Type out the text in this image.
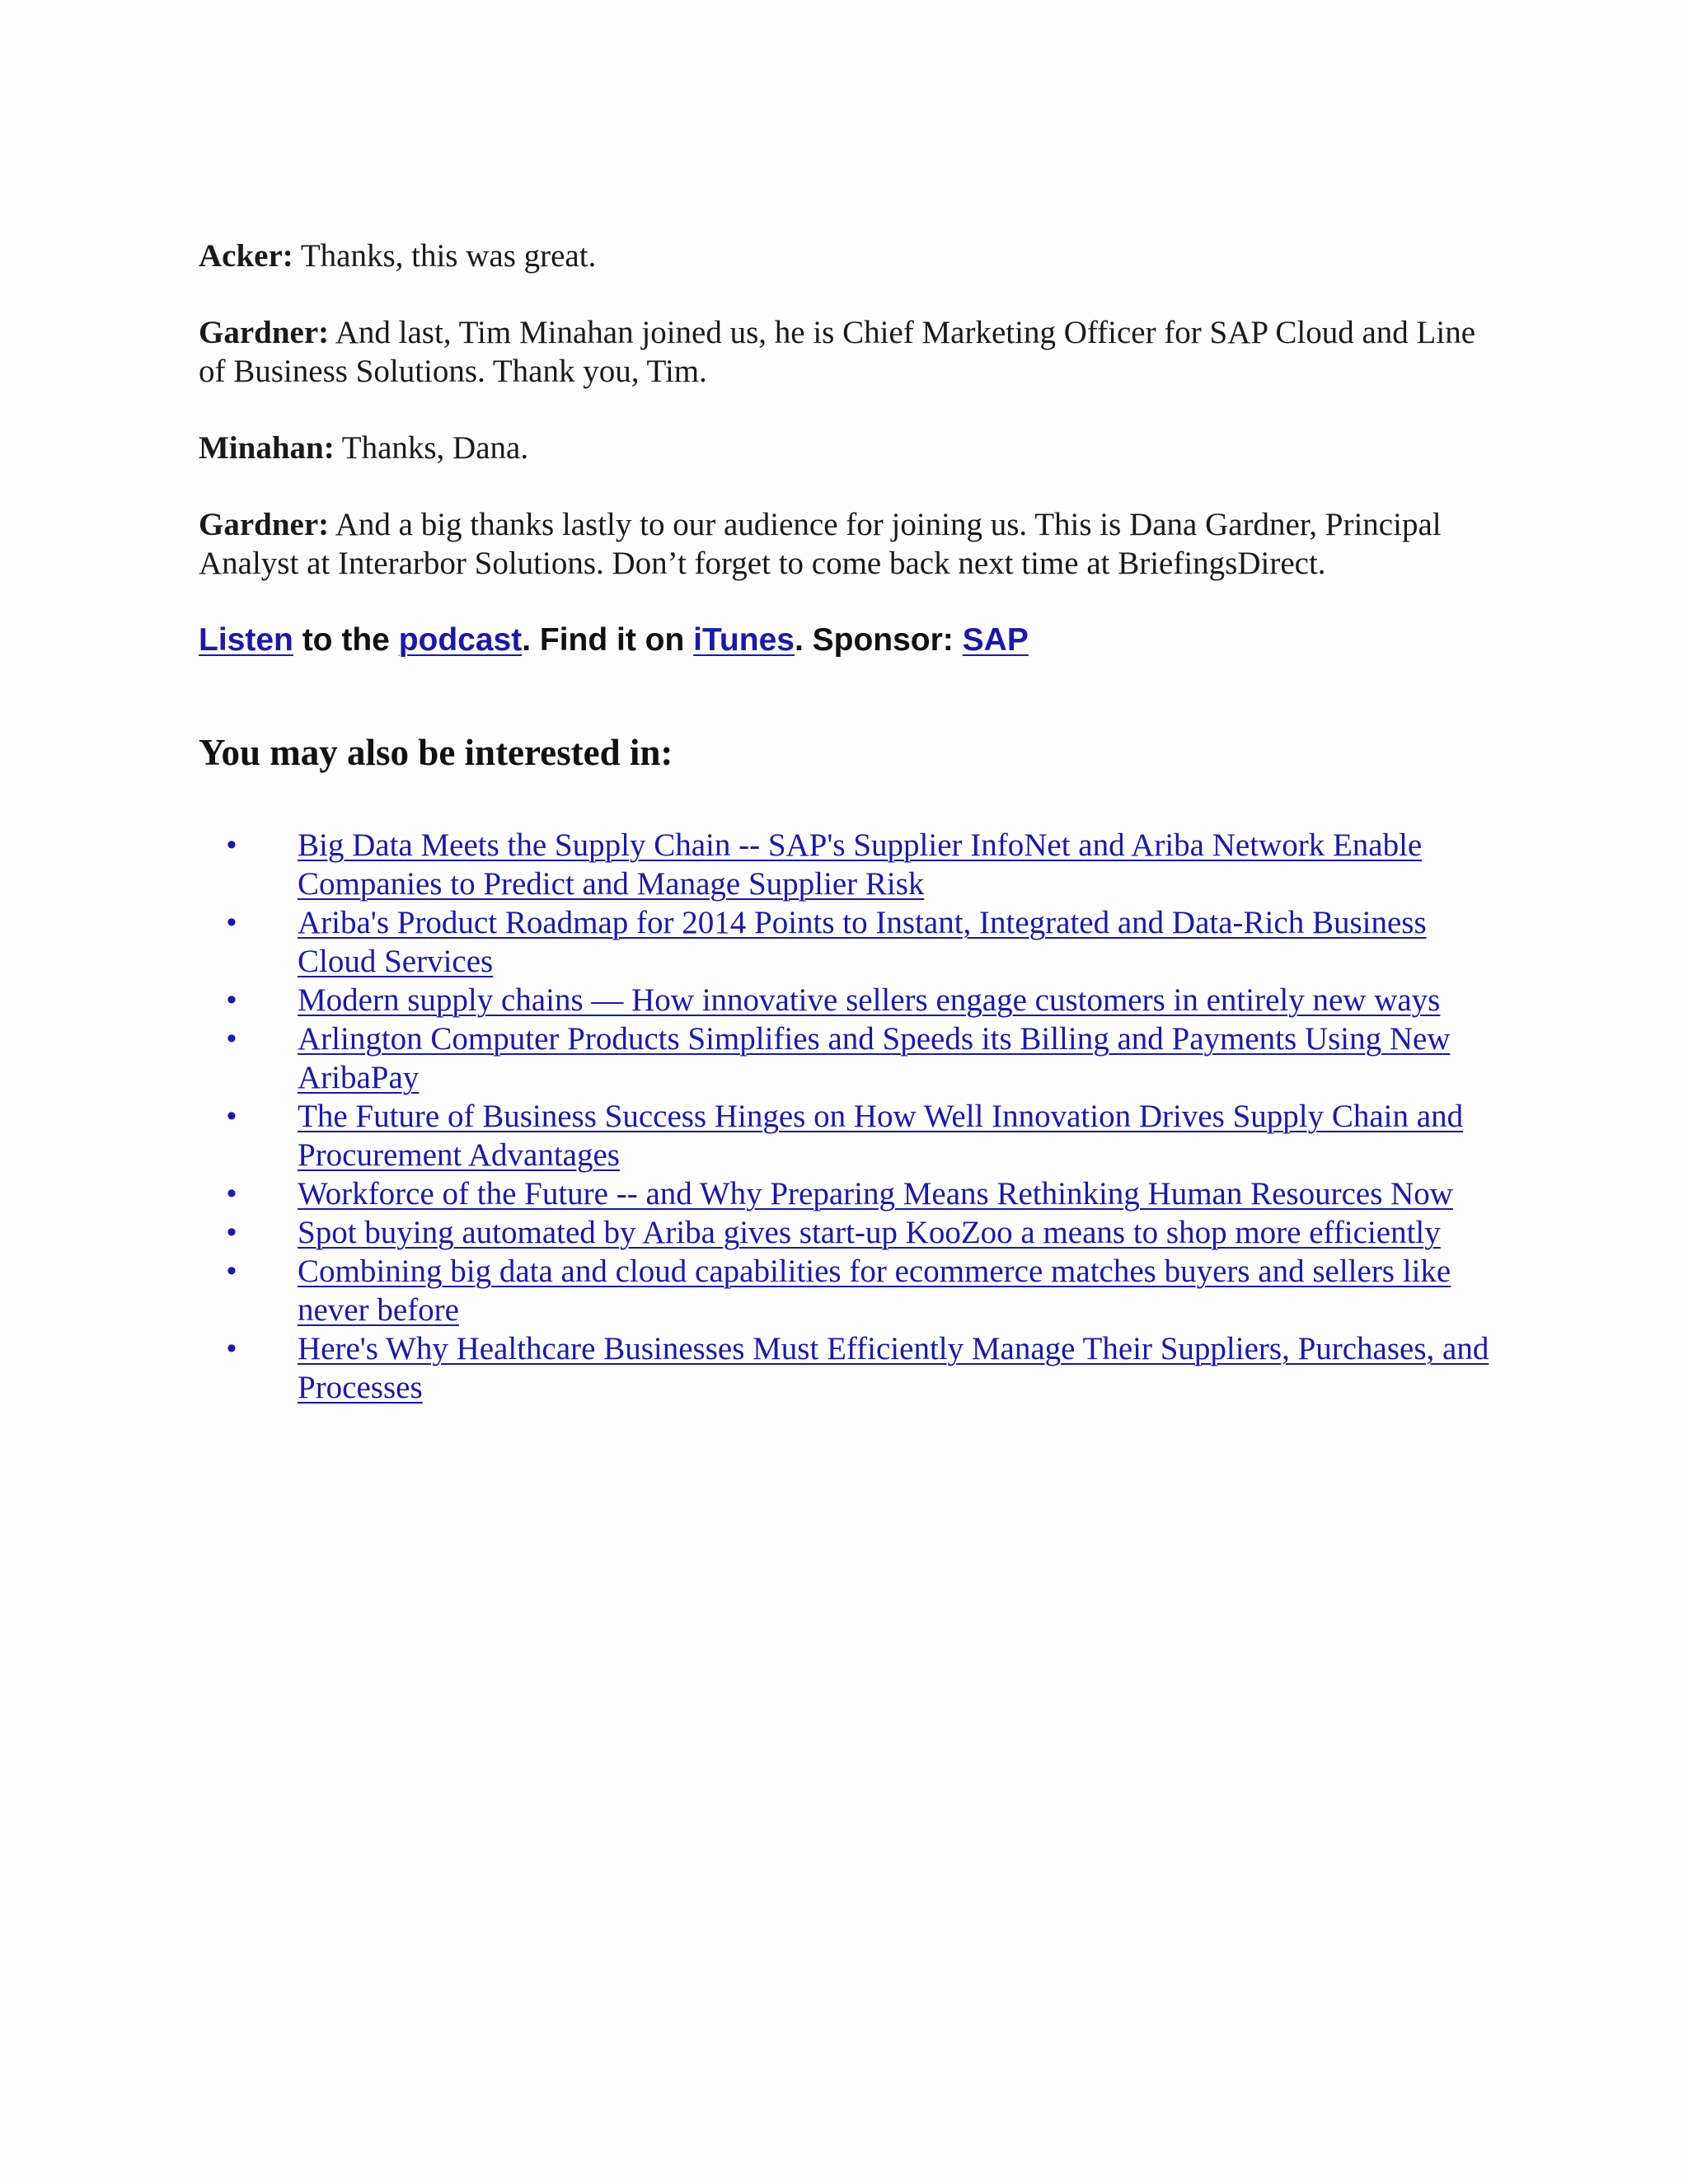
Acker: Thanks, this was great.

Gardner: And last, Tim Minahan joined us, he is Chief Marketing Officer for SAP Cloud and Line of Business Solutions. Thank you, Tim.

Minahan: Thanks, Dana.

Gardner: And a big thanks lastly to our audience for joining us. This is Dana Gardner, Principal Analyst at Interarbor Solutions. Don’t forget to come back next time at BriefingsDirect.

Listen to the podcast. Find it on iTunes. Sponsor: SAP

You may also be interested in:
• Big Data Meets the Supply Chain -- SAP's Supplier InfoNet and Ariba Network Enable Companies to Predict and Manage Supplier Risk
• Ariba's Product Roadmap for 2014 Points to Instant, Integrated and Data-Rich Business Cloud Services
• Modern supply chains — How innovative sellers engage customers in entirely new ways
• Arlington Computer Products Simplifies and Speeds its Billing and Payments Using New AribaPay
• The Future of Business Success Hinges on How Well Innovation Drives Supply Chain and Procurement Advantages
• Workforce of the Future -- and Why Preparing Means Rethinking Human Resources Now
• Spot buying automated by Ariba gives start-up KooZoo a means to shop more efficiently
• Combining big data and cloud capabilities for ecommerce matches buyers and sellers like never before
• Here's Why Healthcare Businesses Must Efficiently Manage Their Suppliers, Purchases, and Processes
